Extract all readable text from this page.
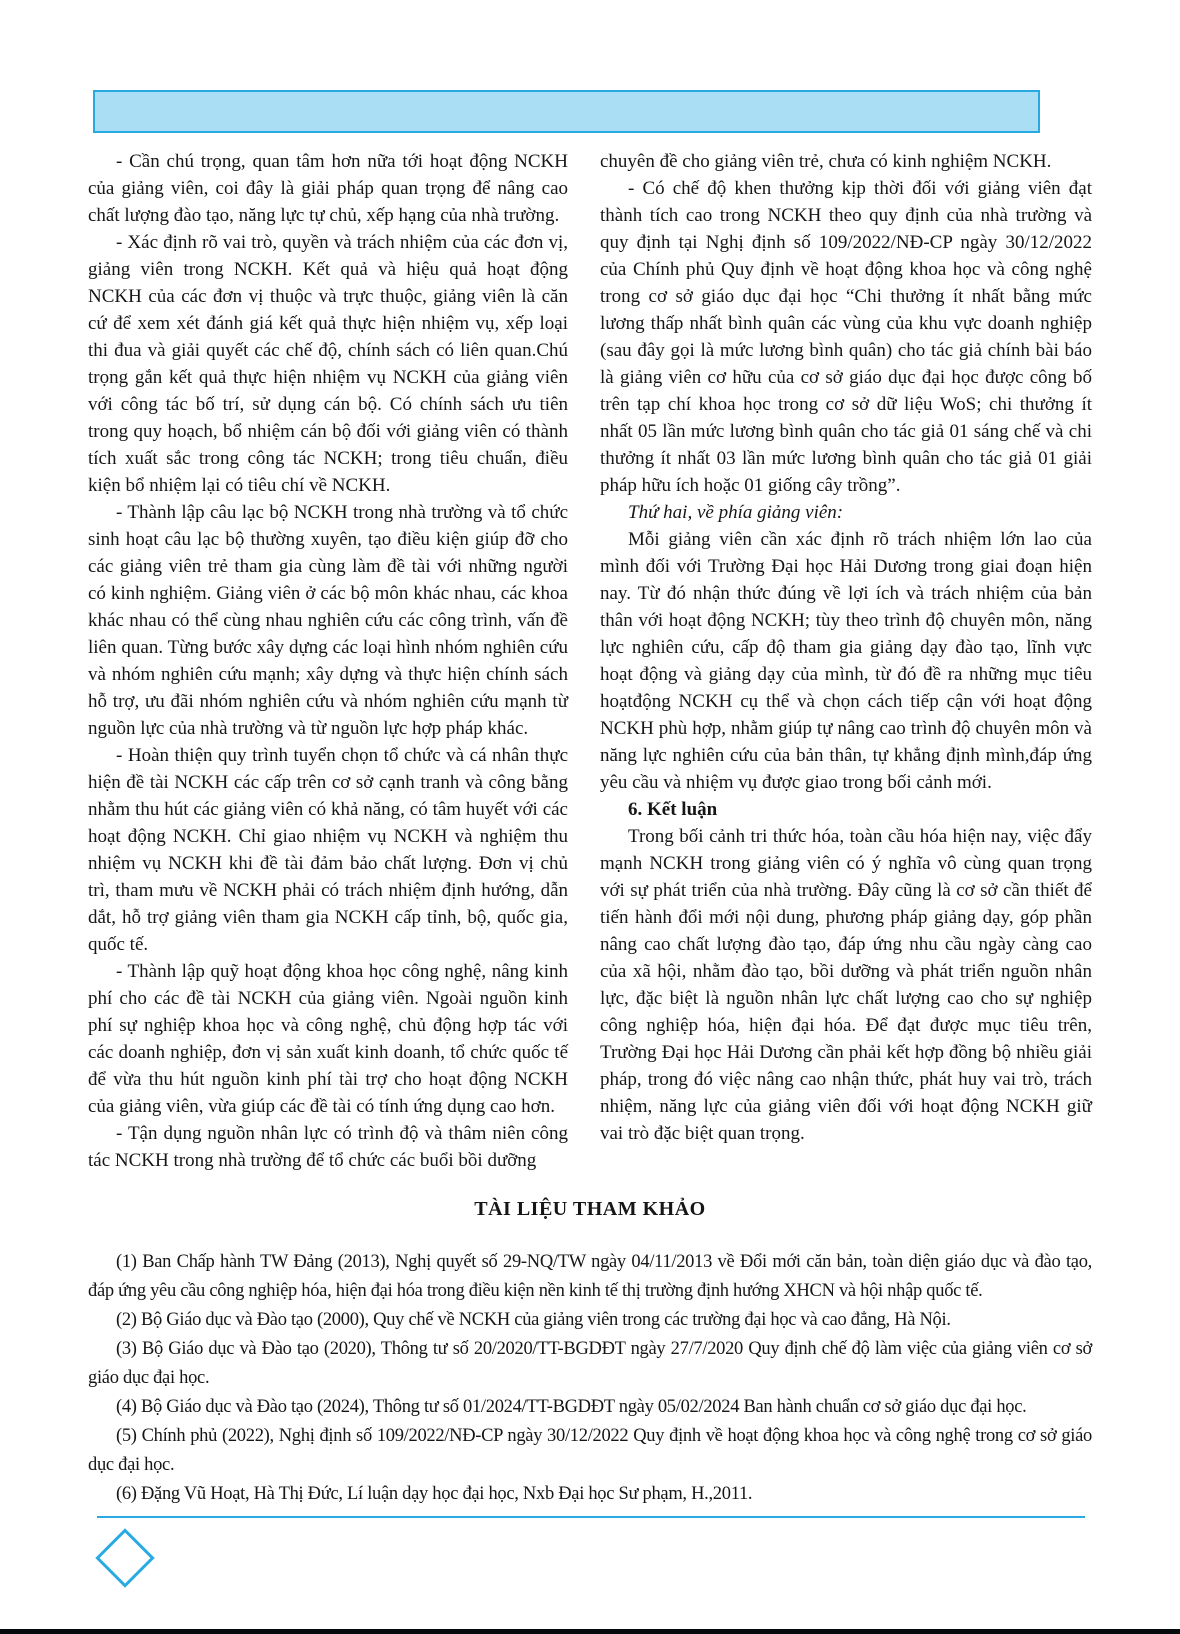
- Cần chú trọng, quan tâm hơn nữa tới hoạt động NCKH của giảng viên, coi đây là giải pháp quan trọng để nâng cao chất lượng đào tạo, năng lực tự chủ, xếp hạng của nhà trường.

- Xác định rõ vai trò, quyền và trách nhiệm của các đơn vị, giảng viên trong NCKH. Kết quả và hiệu quả hoạt động NCKH của các đơn vị thuộc và trực thuộc, giảng viên là căn cứ để xem xét đánh giá kết quả thực hiện nhiệm vụ, xếp loại thi đua và giải quyết các chế độ, chính sách có liên quan.Chú trọng gắn kết quả thực hiện nhiệm vụ NCKH của giảng viên với công tác bố trí, sử dụng cán bộ. Có chính sách ưu tiên trong quy hoạch, bổ nhiệm cán bộ đối với giảng viên có thành tích xuất sắc trong công tác NCKH; trong tiêu chuẩn, điều kiện bổ nhiệm lại có tiêu chí về NCKH.

- Thành lập câu lạc bộ NCKH trong nhà trường và tổ chức sinh hoạt câu lạc bộ thường xuyên, tạo điều kiện giúp đỡ cho các giảng viên trẻ tham gia cùng làm đề tài với những người có kinh nghiệm. Giảng viên ở các bộ môn khác nhau, các khoa khác nhau có thể cùng nhau nghiên cứu các công trình, vấn đề liên quan. Từng bước xây dựng các loại hình nhóm nghiên cứu và nhóm nghiên cứu mạnh; xây dựng và thực hiện chính sách hỗ trợ, ưu đãi nhóm nghiên cứu và nhóm nghiên cứu mạnh từ nguồn lực của nhà trường và từ nguồn lực hợp pháp khác.

- Hoàn thiện quy trình tuyển chọn tổ chức và cá nhân thực hiện đề tài NCKH các cấp trên cơ sở cạnh tranh và công bằng nhằm thu hút các giảng viên có khả năng, có tâm huyết với các hoạt động NCKH. Chỉ giao nhiệm vụ NCKH và nghiệm thu nhiệm vụ NCKH khi đề tài đảm bảo chất lượng. Đơn vị chủ trì, tham mưu về NCKH phải có trách nhiệm định hướng, dẫn dắt, hỗ trợ giảng viên tham gia NCKH cấp tỉnh, bộ, quốc gia, quốc tế.

- Thành lập quỹ hoạt động khoa học công nghệ, nâng kinh phí cho các đề tài NCKH của giảng viên. Ngoài nguồn kinh phí sự nghiệp khoa học và công nghệ, chủ động hợp tác với các doanh nghiệp, đơn vị sản xuất kinh doanh, tổ chức quốc tế để vừa thu hút nguồn kinh phí tài trợ cho hoạt động NCKH của giảng viên, vừa giúp các đề tài có tính ứng dụng cao hơn.

- Tận dụng nguồn nhân lực có trình độ và thâm niên công tác NCKH trong nhà trường để tổ chức các buổi bồi dưỡng

chuyên đề cho giảng viên trẻ, chưa có kinh nghiệm NCKH.

- Có chế độ khen thưởng kịp thời đối với giảng viên đạt thành tích cao trong NCKH theo quy định của nhà trường và quy định tại Nghị định số 109/2022/NĐ-CP ngày 30/12/2022 của Chính phủ Quy định về hoạt động khoa học và công nghệ trong cơ sở giáo dục đại học “Chi thưởng ít nhất bằng mức lương thấp nhất bình quân các vùng của khu vực doanh nghiệp (sau đây gọi là mức lương bình quân) cho tác giả chính bài báo là giảng viên cơ hữu của cơ sở giáo dục đại học được công bố trên tạp chí khoa học trong cơ sở dữ liệu WoS; chi thưởng ít nhất 05 lần mức lương bình quân cho tác giả 01 sáng chế và chi thưởng ít nhất 03 lần mức lương bình quân cho tác giả 01 giải pháp hữu ích hoặc 01 giống cây trồng”.

Thứ hai, về phía giảng viên:

Mỗi giảng viên cần xác định rõ trách nhiệm lớn lao của mình đối với Trường Đại học Hải Dương trong giai đoạn hiện nay. Từ đó nhận thức đúng về lợi ích và trách nhiệm của bản thân với hoạt động NCKH; tùy theo trình độ chuyên môn, năng lực nghiên cứu, cấp độ tham gia giảng dạy đào tạo, lĩnh vực hoạt động và giảng dạy của mình, từ đó đề ra những mục tiêu hoạtđộng NCKH cụ thể và chọn cách tiếp cận với hoạt động NCKH phù hợp, nhằm giúp tự nâng cao trình độ chuyên môn và năng lực nghiên cứu của bản thân, tự khẳng định mình,đáp ứng yêu cầu và nhiệm vụ được giao trong bối cảnh mới.

6. Kết luận

Trong bối cảnh tri thức hóa, toàn cầu hóa hiện nay, việc đẩy mạnh NCKH trong giảng viên có ý nghĩa vô cùng quan trọng với sự phát triển của nhà trường. Đây cũng là cơ sở cần thiết để tiến hành đổi mới nội dung, phương pháp giảng dạy, góp phần nâng cao chất lượng đào tạo, đáp ứng nhu cầu ngày càng cao của xã hội, nhằm đào tạo, bồi dưỡng và phát triển nguồn nhân lực, đặc biệt là nguồn nhân lực chất lượng cao cho sự nghiệp công nghiệp hóa, hiện đại hóa. Để đạt được mục tiêu trên, Trường Đại học Hải Dương cần phải kết hợp đồng bộ nhiều giải pháp, trong đó việc nâng cao nhận thức, phát huy vai trò, trách nhiệm, năng lực của giảng viên đối với hoạt động NCKH giữ vai trò đặc biệt quan trọng.

TÀI LIỆU THAM KHẢO

(1) Ban Chấp hành TW Đảng (2013), Nghị quyết số 29-NQ/TW ngày 04/11/2013 về Đổi mới căn bản, toàn diện giáo dục và đào tạo, đáp ứng yêu cầu công nghiệp hóa, hiện đại hóa trong điều kiện nền kinh tế thị trường định hướng XHCN và hội nhập quốc tế.

(2) Bộ Giáo dục và Đào tạo (2000), Quy chế về NCKH của giảng viên trong các trường đại học và cao đẳng, Hà Nội.

(3) Bộ Giáo dục và Đào tạo (2020), Thông tư số 20/2020/TT-BGDĐT ngày 27/7/2020 Quy định chế độ làm việc của giảng viên cơ sở giáo dục đại học.

(4) Bộ Giáo dục và Đào tạo (2024), Thông tư số 01/2024/TT-BGDĐT ngày 05/02/2024 Ban hành chuẩn cơ sở giáo dục đại học.

(5) Chính phủ (2022), Nghị định số 109/2022/NĐ-CP ngày 30/12/2022 Quy định về hoạt động khoa học và công nghệ trong cơ sở giáo dục đại học.

(6) Đặng Vũ Hoạt, Hà Thị Đức, Lí luận dạy học đại học, Nxb Đại học Sư phạm, H.,2011.
